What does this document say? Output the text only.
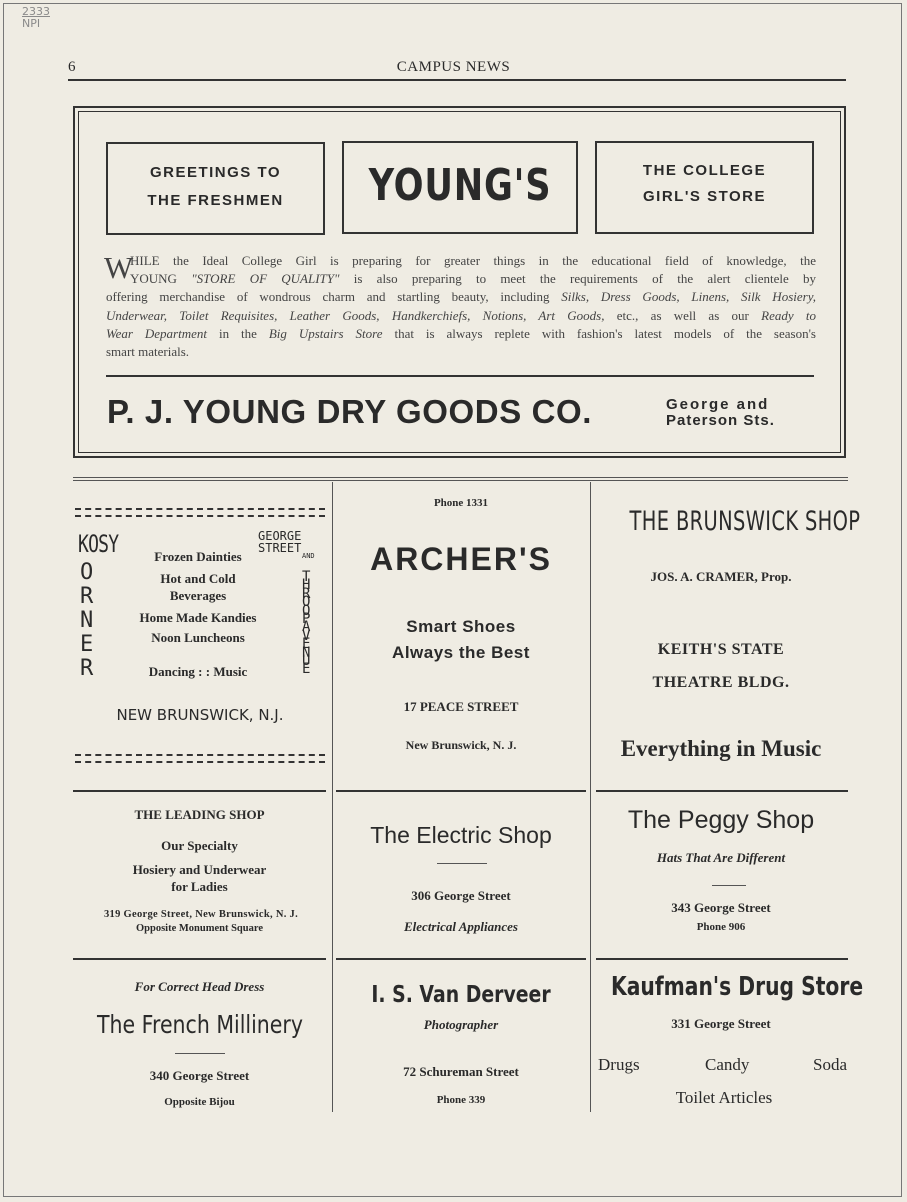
2333
NPI
6	CAMPUS NEWS
GREETINGS TO
THE FRESHMEN	YOUNG'S	THE COLLEGE
GIRL'S STORE
W
HILE the Ideal College Girl is preparing for greater things in the educational field of knowledge, the
YOUNG "STORE OF QUALITY" is also preparing to meet the requirements of the alert clientele by
offering merchandise of wondrous charm and startling beauty, including Silks, Dress Goods, Linens, Silk Hosiery,
Underwear, Toilet Requisites, Leather Goods, Handkerchiefs, Notions, Art Goods, etc., as well as our Ready to
Wear Department in the Big Upstairs Store that is always replete with fashion's latest models of the season's
smart materials.
P. J. YOUNG DRY GOODS CO.	George and
Paterson Sts.
KOSY
ORNER
GEORGE
STREET
AND
THROOP AVENUE
Frozen Dainties
Hot and Cold
Beverages
Home Made Kandies
Noon Luncheons
Dancing : : Music
NEW BRUNSWICK, N.J.
Phone 1331
ARCHER'S
Smart Shoes
Always the Best
17 PEACE STREET
New Brunswick, N. J.
THE BRUNSWICK SHOP
JOS. A. CRAMER, Prop.
KEITH'S STATE
THEATRE BLDG.
Everything in Music
THE LEADING SHOP
Our Specialty
Hosiery and Underwear
for Ladies
319 George Street, New Brunswick, N. J.
Opposite Monument Square
The Electric Shop
306 George Street
Electrical Appliances
The Peggy Shop
Hats That Are Different
343 George Street
Phone 906
For Correct Head Dress
The French Millinery
340 George Street
Opposite Bijou
I. S. Van Derveer
Photographer
72 Schureman Street
Phone 339
Kaufman's Drug Store
331 George Street
Drugs	Candy	Soda
Toilet Articles
